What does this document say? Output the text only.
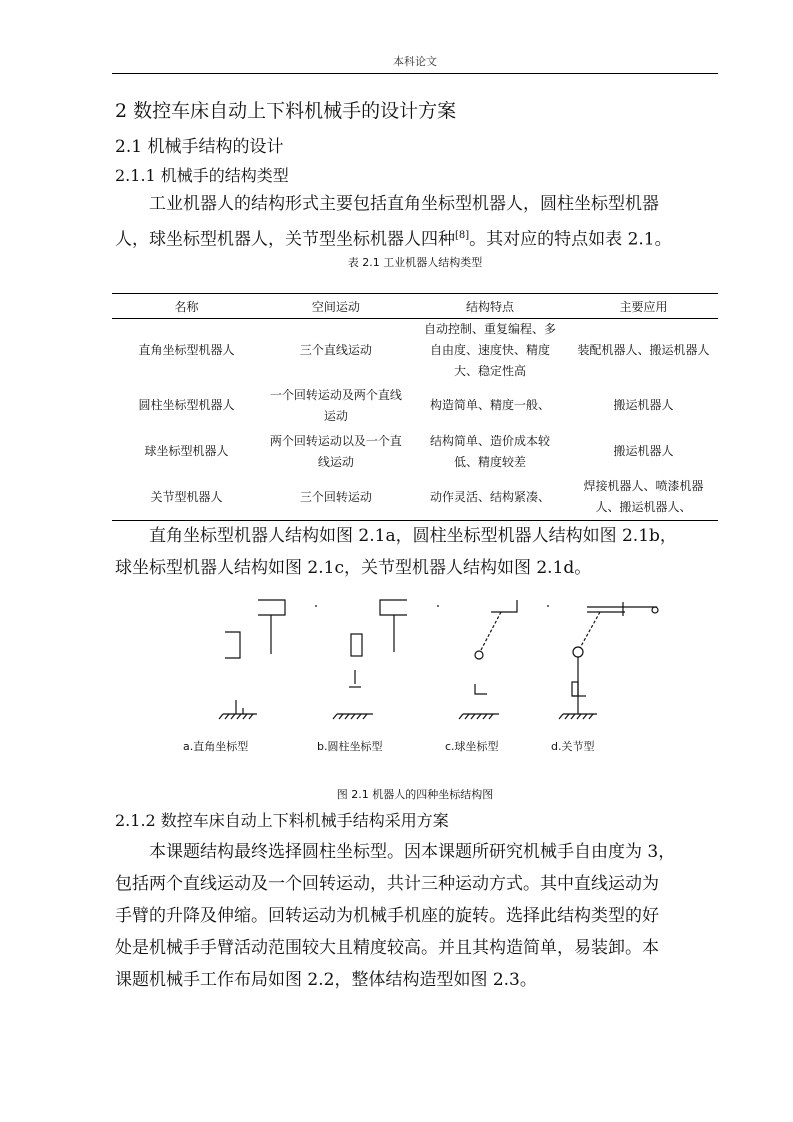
本科论文
2 数控车床自动上下料机械手的设计方案
2.1 机械手结构的设计
2.1.1 机械手的结构类型
工业机器人的结构形式主要包括直角坐标型机器人，圆柱坐标型机器
人，球坐标型机器人，关节型坐标机器人四种[8]。其对应的特点如表 2.1。
表 2.1 工业机器人结构类型
名称	空间运动	结构特点	主要应用
直角坐标型机器人	三个直线运动	自动控制、重复编程、多自由度、速度快、精度大、稳定性高	装配机器人、搬运机器人
圆柱坐标型机器人	一个回转运动及两个直线运动	构造简单、精度一般、	搬运机器人
球坐标型机器人	两个回转运动以及一个直线运动	结构简单、造价成本较低、精度较差	搬运机器人
关节型机器人	三个回转运动	动作灵活、结构紧凑、	焊接机器人、喷漆机器人、搬运机器人、
直角坐标型机器人结构如图 2.1a，圆柱坐标型机器人结构如图 2.1b，
球坐标型机器人结构如图 2.1c，关节型机器人结构如图 2.1d。
a.直角坐标型	b.圆柱坐标型	c.球坐标型	d.关节型
图 2.1 机器人的四种坐标结构图
2.1.2 数控车床自动上下料机械手结构采用方案
本课题结构最终选择圆柱坐标型。因本课题所研究机械手自由度为 3，
包括两个直线运动及一个回转运动，共计三种运动方式。其中直线运动为
手臂的升降及伸缩。回转运动为机械手机座的旋转。选择此结构类型的好
处是机械手手臂活动范围较大且精度较高。并且其构造简单，易装卸。本
课题机械手工作布局如图 2.2，整体结构造型如图 2.3。
